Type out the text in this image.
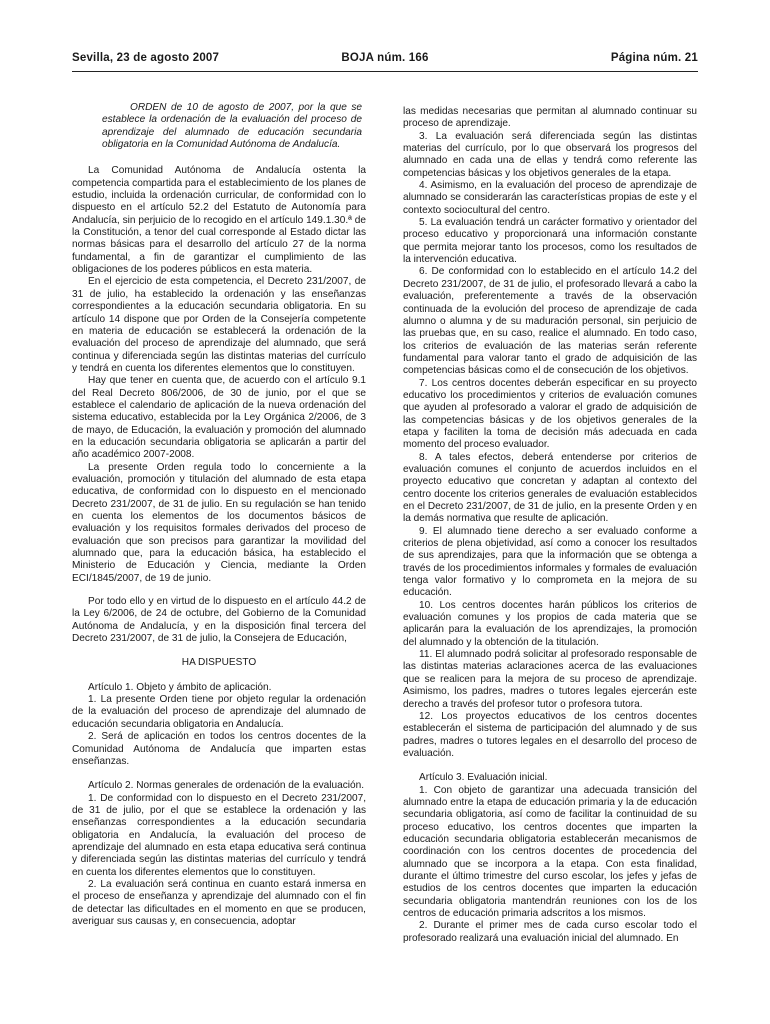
Sevilla, 23 de agosto 2007	BOJA núm. 166	Página núm. 21

ORDEN de 10 de agosto de 2007, por la que se establece la ordenación de la evaluación del proceso de aprendizaje del alumnado de educación secundaria obligatoria en la Comunidad Autónoma de Andalucía.

La Comunidad Autónoma de Andalucía ostenta la competencia compartida para el establecimiento de los planes de estudio, incluida la ordenación curricular, de conformidad con lo dispuesto en el artículo 52.2 del Estatuto de Autonomía para Andalucía, sin perjuicio de lo recogido en el artículo 149.1.30.ª de la Constitución, a tenor del cual corresponde al Estado dictar las normas básicas para el desarrollo del artículo 27 de la norma fundamental, a fin de garantizar el cumplimiento de las obligaciones de los poderes públicos en esta materia.

En el ejercicio de esta competencia, el Decreto 231/2007, de 31 de julio, ha establecido la ordenación y las enseñanzas correspondientes a la educación secundaria obligatoria. En su artículo 14 dispone que por Orden de la Consejería competente en materia de educación se establecerá la ordenación de la evaluación del proceso de aprendizaje del alumnado, que será continua y diferenciada según las distintas materias del currículo y tendrá en cuenta los diferentes elementos que lo constituyen.

Hay que tener en cuenta que, de acuerdo con el artículo 9.1 del Real Decreto 806/2006, de 30 de junio, por el que se establece el calendario de aplicación de la nueva ordenación del sistema educativo, establecida por la Ley Orgánica 2/2006, de 3 de mayo, de Educación, la evaluación y promoción del alumnado en la educación secundaria obligatoria se aplicarán a partir del año académico 2007-2008.

La presente Orden regula todo lo concerniente a la evaluación, promoción y titulación del alumnado de esta etapa educativa, de conformidad con lo dispuesto en el mencionado Decreto 231/2007, de 31 de julio. En su regulación se han tenido en cuenta los elementos de los documentos básicos de evaluación y los requisitos formales derivados del proceso de evaluación que son precisos para garantizar la movilidad del alumnado que, para la educación básica, ha establecido el Ministerio de Educación y Ciencia, mediante la Orden ECI/1845/2007, de 19 de junio.

Por todo ello y en virtud de lo dispuesto en el artículo 44.2 de la Ley 6/2006, de 24 de octubre, del Gobierno de la Comunidad Autónoma de Andalucía, y en la disposición final tercera del Decreto 231/2007, de 31 de julio, la Consejera de Educación,

HA DISPUESTO

Artículo 1. Objeto y ámbito de aplicación.

1. La presente Orden tiene por objeto regular la ordenación de la evaluación del proceso de aprendizaje del alumnado de educación secundaria obligatoria en Andalucía.

2. Será de aplicación en todos los centros docentes de la Comunidad Autónoma de Andalucía que imparten estas enseñanzas.

Artículo 2. Normas generales de ordenación de la evaluación.

1. De conformidad con lo dispuesto en el Decreto 231/2007, de 31 de julio, por el que se establece la ordenación y las enseñanzas correspondientes a la educación secundaria obligatoria en Andalucía, la evaluación del proceso de aprendizaje del alumnado en esta etapa educativa será continua y diferenciada según las distintas materias del currículo y tendrá en cuenta los diferentes elementos que lo constituyen.

2. La evaluación será continua en cuanto estará inmersa en el proceso de enseñanza y aprendizaje del alumnado con el fin de detectar las dificultades en el momento en que se producen, averiguar sus causas y, en consecuencia, adoptar

las medidas necesarias que permitan al alumnado continuar su proceso de aprendizaje.

3. La evaluación será diferenciada según las distintas materias del currículo, por lo que observará los progresos del alumnado en cada una de ellas y tendrá como referente las competencias básicas y los objetivos generales de la etapa.

4. Asimismo, en la evaluación del proceso de aprendizaje de alumnado se considerarán las características propias de este y el contexto sociocultural del centro.

5. La evaluación tendrá un carácter formativo y orientador del proceso educativo y proporcionará una información constante que permita mejorar tanto los procesos, como los resultados de la intervención educativa.

6. De conformidad con lo establecido en el artículo 14.2 del Decreto 231/2007, de 31 de julio, el profesorado llevará a cabo la evaluación, preferentemente a través de la observación continuada de la evolución del proceso de aprendizaje de cada alumno o alumna y de su maduración personal, sin perjuicio de las pruebas que, en su caso, realice el alumnado. En todo caso, los criterios de evaluación de las materias serán referente fundamental para valorar tanto el grado de adquisición de las competencias básicas como el de consecución de los objetivos.

7. Los centros docentes deberán especificar en su proyecto educativo los procedimientos y criterios de evaluación comunes que ayuden al profesorado a valorar el grado de adquisición de las competencias básicas y de los objetivos generales de la etapa y faciliten la toma de decisión más adecuada en cada momento del proceso evaluador.

8. A tales efectos, deberá entenderse por criterios de evaluación comunes el conjunto de acuerdos incluidos en el proyecto educativo que concretan y adaptan al contexto del centro docente los criterios generales de evaluación establecidos en el Decreto 231/2007, de 31 de julio, en la presente Orden y en la demás normativa que resulte de aplicación.

9. El alumnado tiene derecho a ser evaluado conforme a criterios de plena objetividad, así como a conocer los resultados de sus aprendizajes, para que la información que se obtenga a través de los procedimientos informales y formales de evaluación tenga valor formativo y lo comprometa en la mejora de su educación.

10. Los centros docentes harán públicos los criterios de evaluación comunes y los propios de cada materia que se aplicarán para la evaluación de los aprendizajes, la promoción del alumnado y la obtención de la titulación.

11. El alumnado podrá solicitar al profesorado responsable de las distintas materias aclaraciones acerca de las evaluaciones que se realicen para la mejora de su proceso de aprendizaje. Asimismo, los padres, madres o tutores legales ejercerán este derecho a través del profesor tutor o profesora tutora.

12. Los proyectos educativos de los centros docentes establecerán el sistema de participación del alumnado y de sus padres, madres o tutores legales en el desarrollo del proceso de evaluación.

Artículo 3. Evaluación inicial.

1. Con objeto de garantizar una adecuada transición del alumnado entre la etapa de educación primaria y la de educación secundaria obligatoria, así como de facilitar la continuidad de su proceso educativo, los centros docentes que imparten la educación secundaria obligatoria establecerán mecanismos de coordinación con los centros docentes de procedencia del alumnado que se incorpora a la etapa. Con esta finalidad, durante el último trimestre del curso escolar, los jefes y jefas de estudios de los centros docentes que imparten la educación secundaria obligatoria mantendrán reuniones con los de los centros de educación primaria adscritos a los mismos.

2. Durante el primer mes de cada curso escolar todo el profesorado realizará una evaluación inicial del alumnado. En
